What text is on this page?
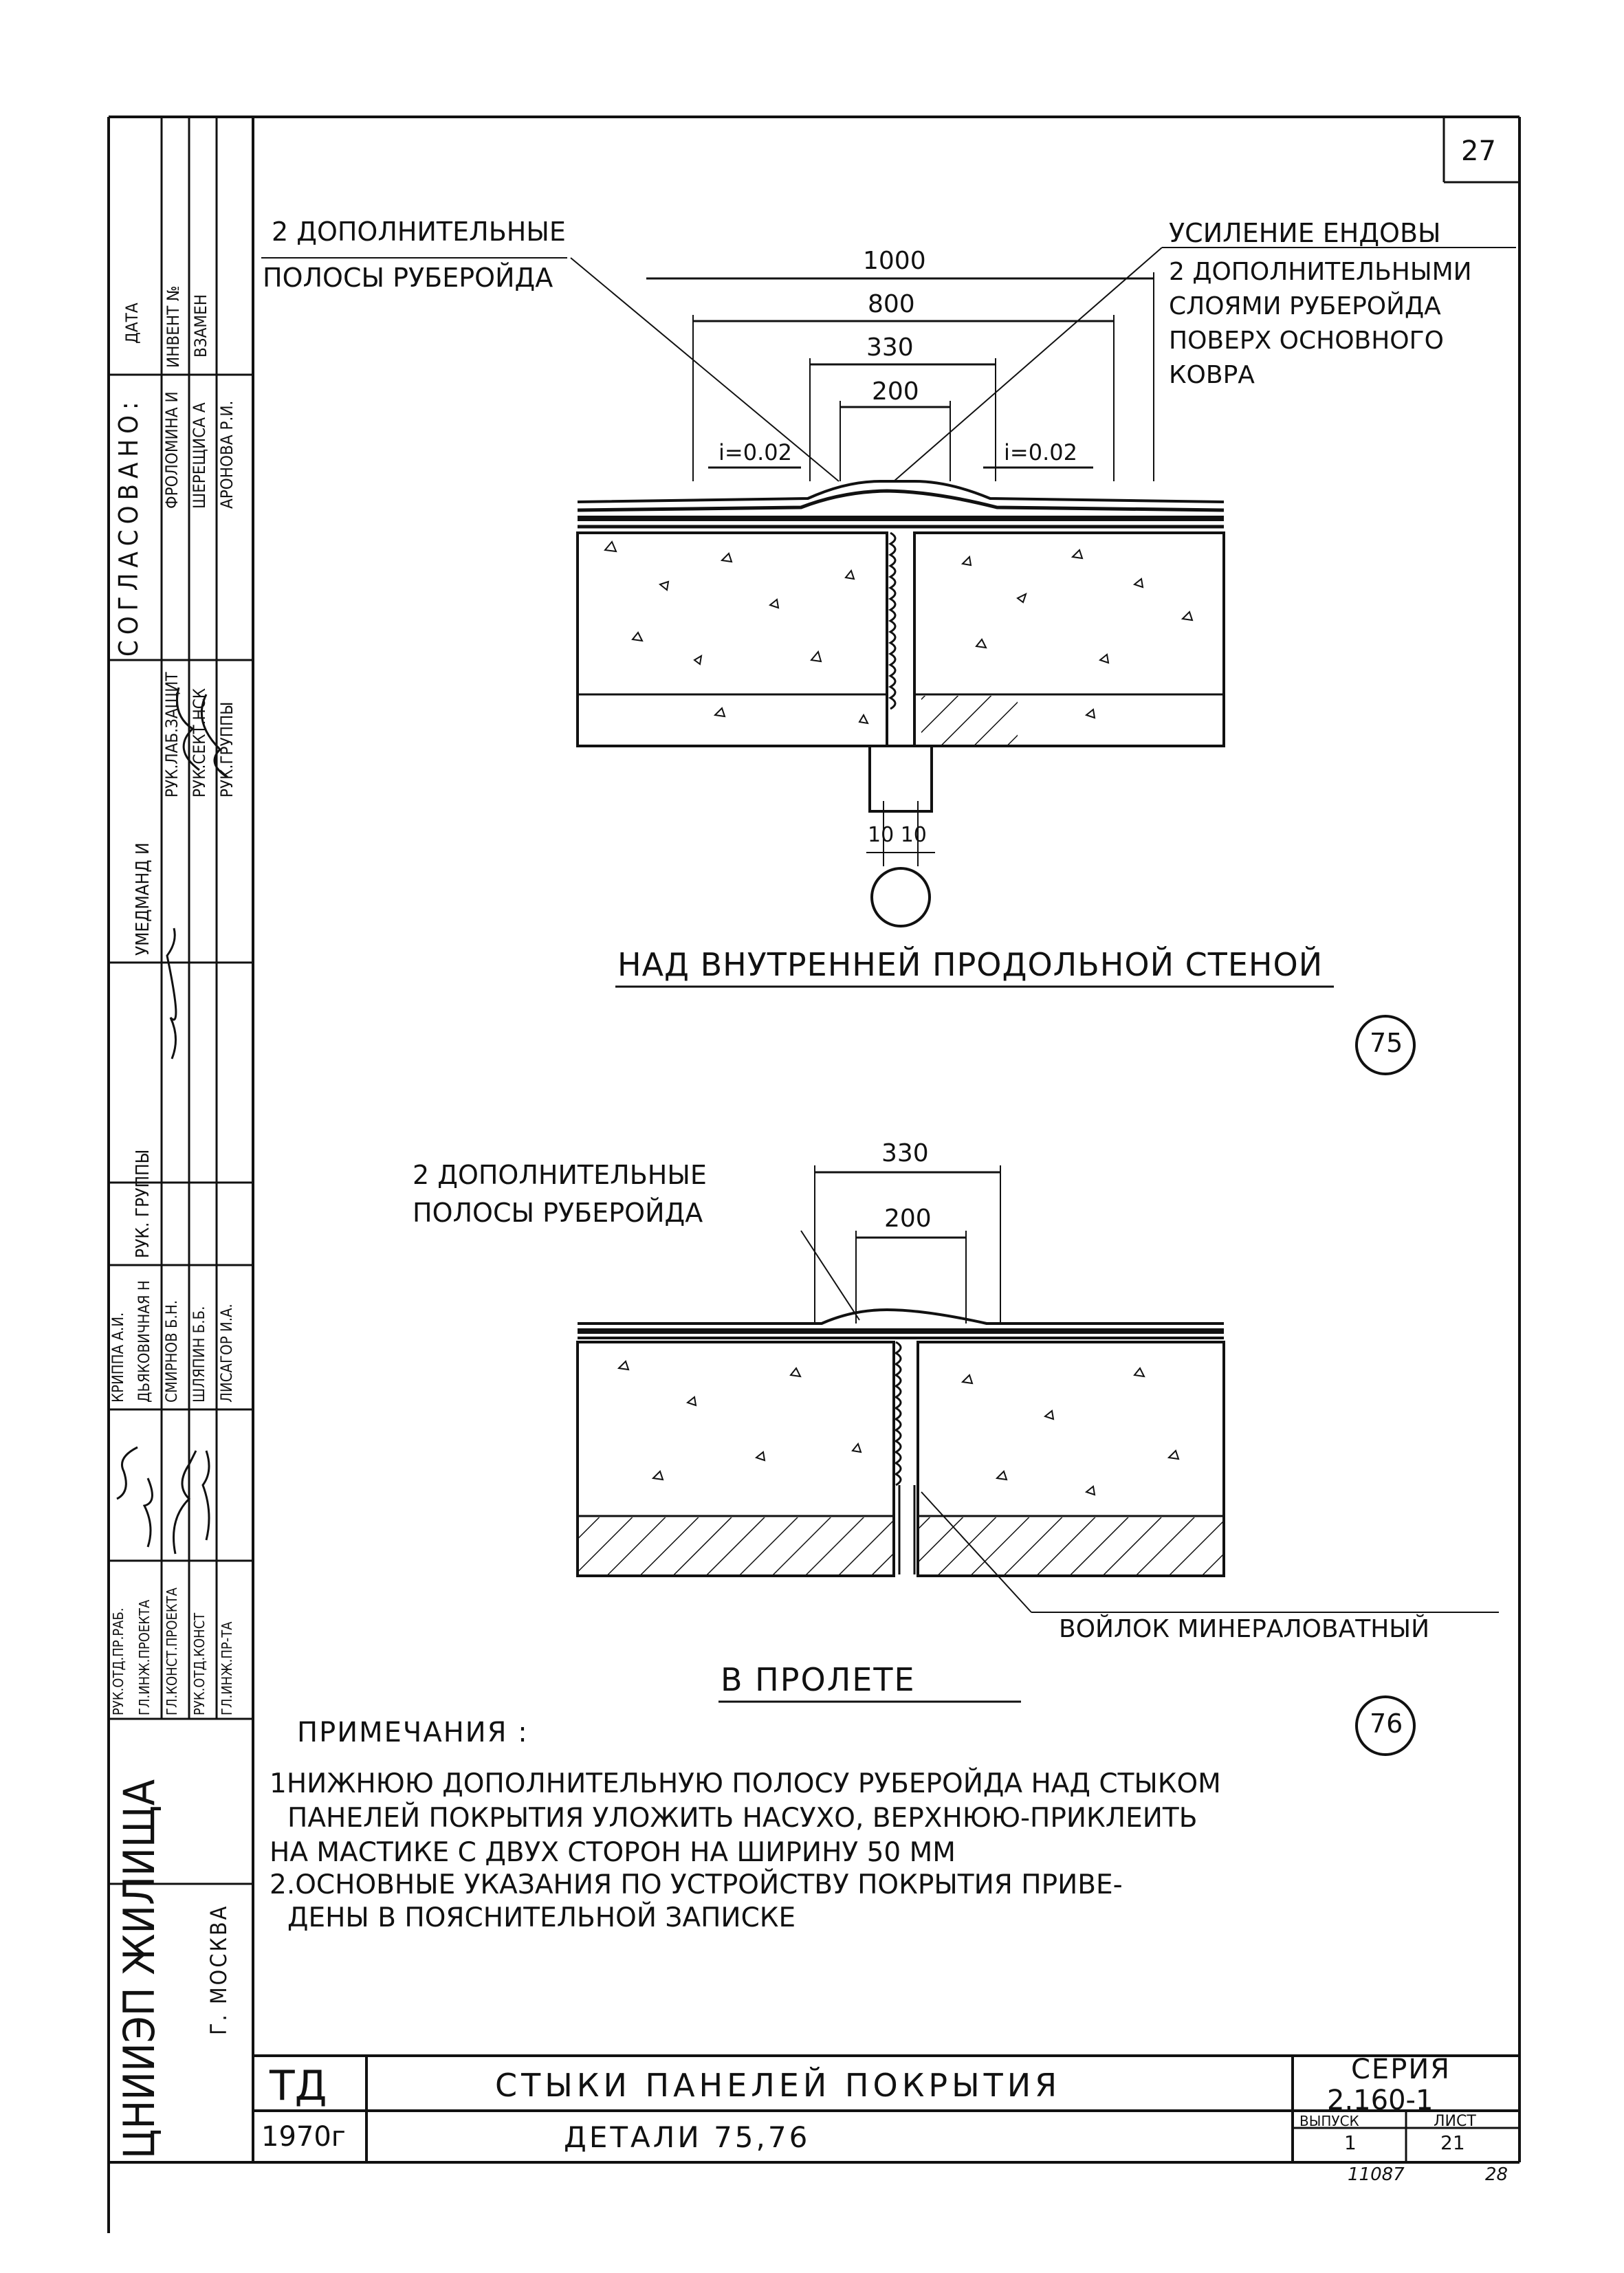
27
2 ДОПОЛНИТЕЛЬНЫЕ
ПОЛОСЫ РУБЕРОЙДА
УСИЛЕНИЕ ЕНДОВЫ
2 ДОПОЛНИТЕЛЬНЫМИ
СЛОЯМИ РУБЕРОЙДА
ПОВЕРХ ОСНОВНОГО
КОВРА
1000
800
330
200
i=0.02	i=0.02
10 10
НАД ВНУТРЕННЕЙ ПРОДОЛЬНОЙ СТЕНОЙ
75
2 ДОПОЛНИТЕЛЬНЫЕ
ПОЛОСЫ РУБЕРОЙДА
330
200
ВОЙЛОК МИНЕРАЛОВАТНЫЙ
В ПРОЛЕТЕ
76
ПРИМЕЧАНИЯ :
1НИЖНЮЮ ДОПОЛНИТЕЛЬНУЮ ПОЛОСУ РУБЕРОЙДА НАД СТЫКОМ
ПАНЕЛЕЙ ПОКРЫТИЯ УЛОЖИТЬ НАСУХО, ВЕРХНЮЮ-ПРИКЛЕИТЬ
НА МАСТИКЕ С ДВУХ СТОРОН НА ШИРИНУ 50 ММ
2.ОСНОВНЫЕ УКАЗАНИЯ ПО УСТРОЙСТВУ ПОКРЫТИЯ ПРИВЕ-
ДЕНЫ В ПОЯСНИТЕЛЬНОЙ ЗАПИСКЕ
ТД
1970г
СТЫКИ ПАНЕЛЕЙ ПОКРЫТИЯ
ДЕТАЛИ 75,76
СЕРИЯ
2.160-1
ВЫПУСК
1
ЛИСТ
21
11087	28
ЦНИИЭП ЖИЛИЩА Г. МОСКВА
СОГЛАСОВАНО:
ДАТА ИНВЕНТ № ВЗАМЕН
ФРОЛОМИНА И ШЕРЕЩИСА А АРОНОВА Р.И.
РУК.ЛАБ.ЗАЩИТ РУК.СЕКТ.НСК РУК.ГРУППЫ
УМЕДМАНД И
РУК. ГРУППЫ
КРИППА А.И. ДЬЯКОВИЧНАЯ Н СМИРНОВ Б.Н. ШЛЯПИН Б.Б. ЛИСАГОР И.А.
РУК.ОТД.ПР.РАБ. ГЛ.ИНЖ.ПРОЕКТА ГЛ.КОНСТ.ПРОЕКТА РУК.ОТД.КОНСТ ГЛ.ИНЖ.ПР-ТА
